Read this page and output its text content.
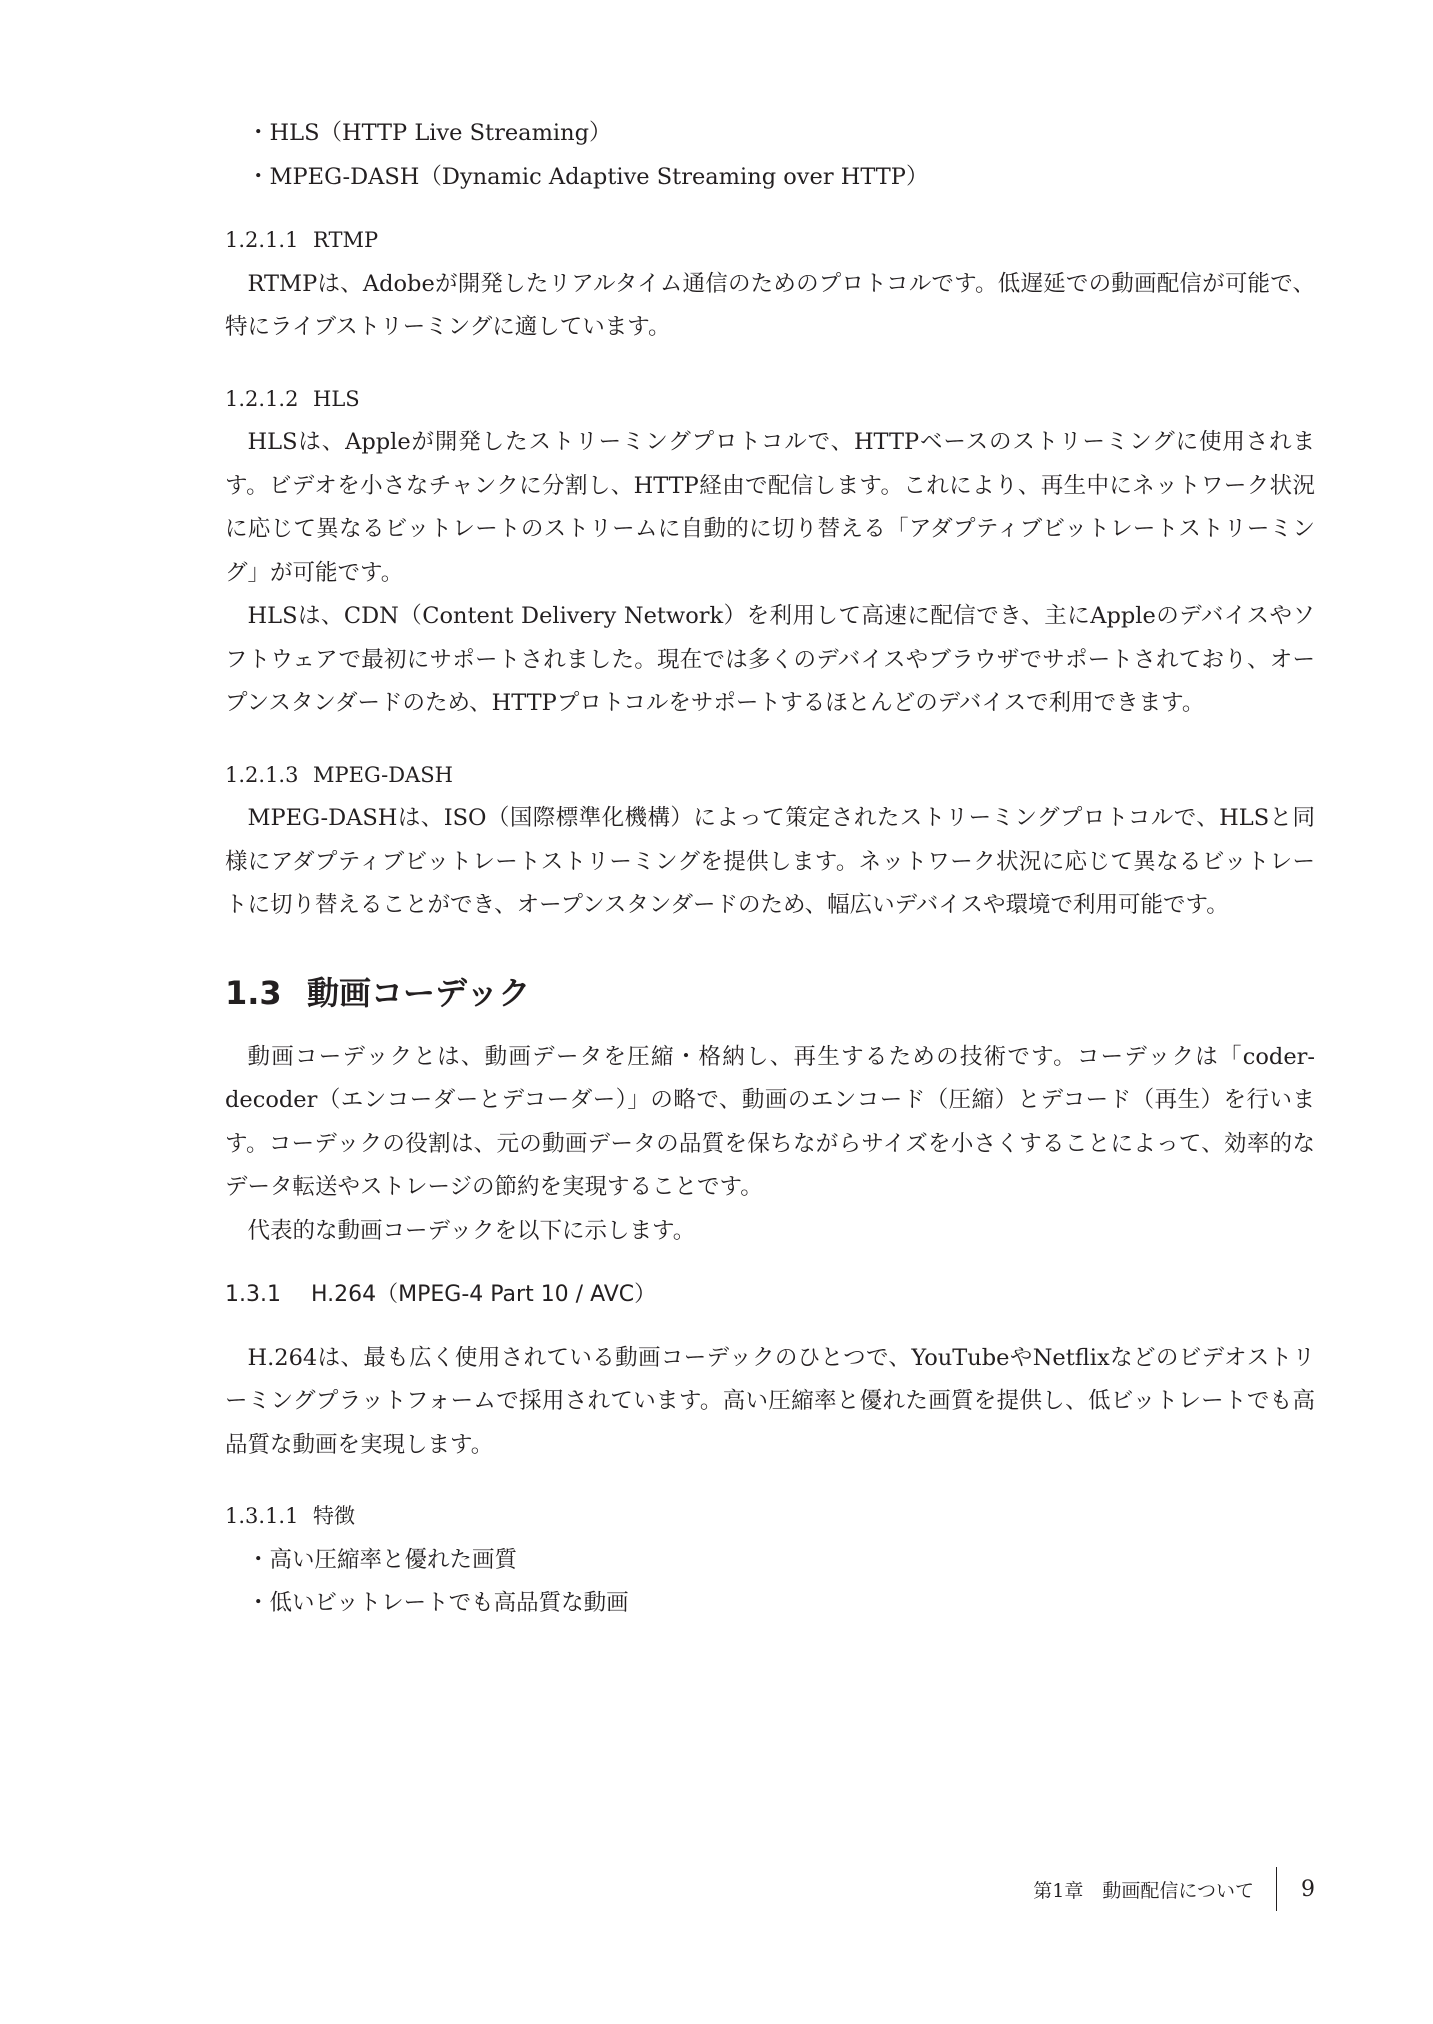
・HLS（HTTP Live Streaming）

・MPEG-DASH（Dynamic Adaptive Streaming over HTTP）

1.2.1.1 RTMP

RTMPは、Adobeが開発したリアルタイム通信のためのプロトコルです。低遅延での動画配信が可能で、特にライブストリーミングに適しています。

1.2.1.2 HLS

HLSは、Appleが開発したストリーミングプロトコルで、HTTPベースのストリーミングに使用されます。ビデオを小さなチャンクに分割し、HTTP経由で配信します。これにより、再生中にネットワーク状況に応じて異なるビットレートのストリームに自動的に切り替える「アダプティブビットレートストリーミング」が可能です。

HLSは、CDN（Content Delivery Network）を利用して高速に配信でき、主にAppleのデバイスやソフトウェアで最初にサポートされました。現在では多くのデバイスやブラウザでサポートされており、オープンスタンダードのため、HTTPプロトコルをサポートするほとんどのデバイスで利用できます。

1.2.1.3 MPEG-DASH

MPEG-DASHは、ISO（国際標準化機構）によって策定されたストリーミングプロトコルで、HLSと同様にアダプティブビットレートストリーミングを提供します。ネットワーク状況に応じて異なるビットレートに切り替えることができ、オープンスタンダードのため、幅広いデバイスや環境で利用可能です。

1.3 動画コーデック

動画コーデックとは、動画データを圧縮・格納し、再生するための技術です。コーデックは「coder-decoder（エンコーダーとデコーダー）」の略で、動画のエンコード（圧縮）とデコード（再生）を行います。コーデックの役割は、元の動画データの品質を保ちながらサイズを小さくすることによって、効率的なデータ転送やストレージの節約を実現することです。

代表的な動画コーデックを以下に示します。

1.3.1 H.264（MPEG-4 Part 10 / AVC）

H.264は、最も広く使用されている動画コーデックのひとつで、YouTubeやNetflixなどのビデオストリーミングプラットフォームで採用されています。高い圧縮率と優れた画質を提供し、低ビットレートでも高品質な動画を実現します。

1.3.1.1 特徴

・高い圧縮率と優れた画質

・低いビットレートでも高品質な動画

第1章　動画配信について 9
